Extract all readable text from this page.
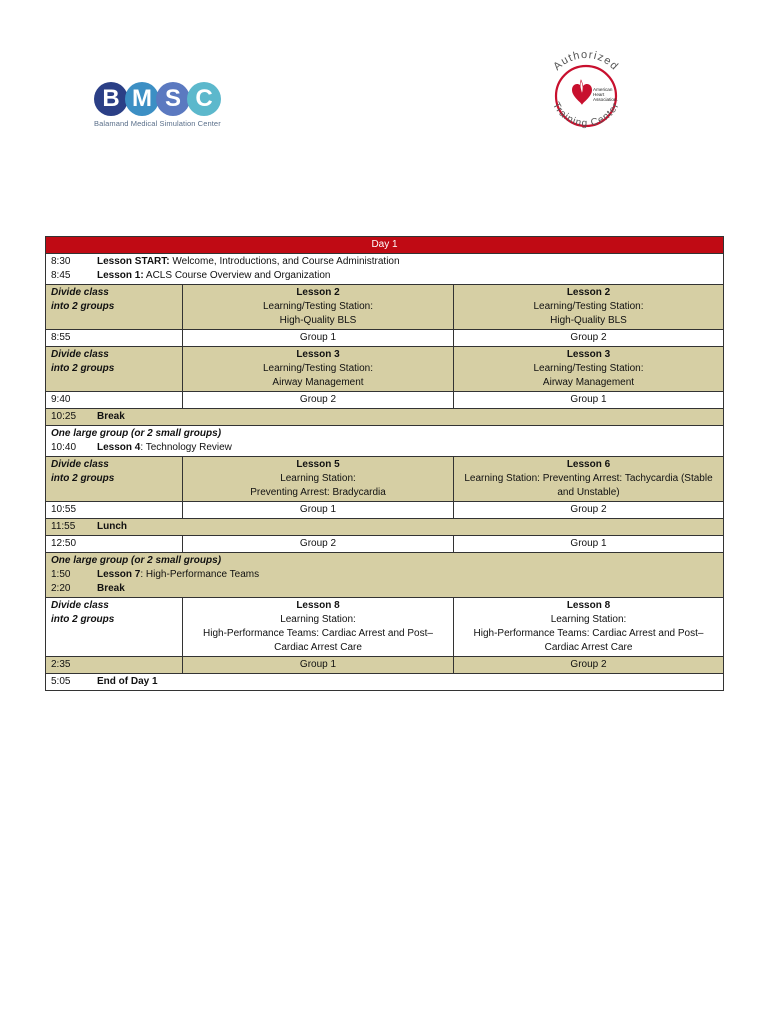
B M S C
Balamand Medical Simulation Center
Authorized
Training Center
American
Heart
Association.
Day 1		

8:30 Lesson START: Welcome, Introductions, and Course Administration
8:45 Lesson 1: ACLS Course Overview and Organization		

Divide class
into 2 groups	Lesson 2
Learning/Testing Station:
High-Quality BLS	Lesson 2
Learning/Testing Station:
High-Quality BLS

8:55	Group 1	Group 2

Divide class
into 2 groups	Lesson 3
Learning/Testing Station:
Airway Management	Lesson 3
Learning/Testing Station:
Airway Management

9:40	Group 2	Group 1
10:25 Break		

One large group (or 2 small groups)
10:40 Lesson 4: Technology Review		

Divide class
into 2 groups	Lesson 5
Learning Station:
Preventing Arrest: Bradycardia	Lesson 6
Learning Station: Preventing Arrest: Tachycardia (Stable
and Unstable)

10:55	Group 1	Group 2
11:55 Lunch		
12:50	Group 2	Group 1

One large group (or 2 small groups)
1:50 Lesson 7: High-Performance Teams
2:20 Break		

Divide class
into 2 groups	Lesson 8
Learning Station:
High-Performance Teams: Cardiac Arrest and Post–
Cardiac Arrest Care	Lesson 8
Learning Station:
High-Performance Teams: Cardiac Arrest and Post–
Cardiac Arrest Care

2:35	Group 1	Group 2
5:05 End of Day 1		
